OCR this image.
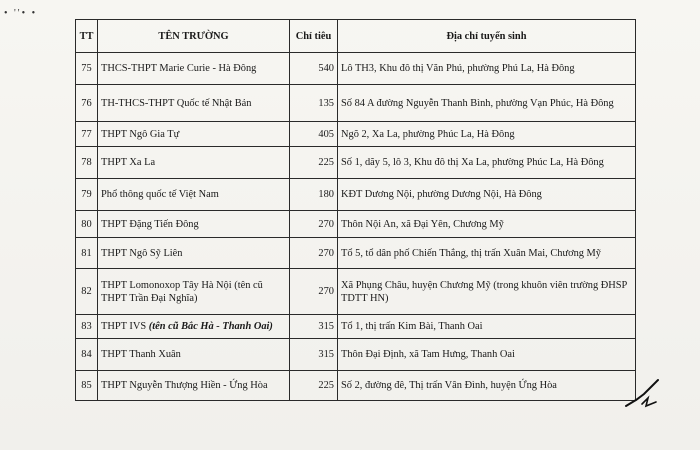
• ''• •
TT	TÊN TRƯỜNG	Chỉ tiêu	Địa chỉ tuyển sinh
75	THCS-THPT Marie Curie - Hà Đông	540	Lô TH3, Khu đô thị Văn Phú, phường Phú La, Hà Đông
76	TH-THCS-THPT Quốc tế Nhật Bản	135	Số 84 A đường Nguyễn Thanh Bình, phường Vạn Phúc, Hà Đông
77	THPT Ngô Gia Tự	405	Ngõ 2, Xa La, phường Phúc La, Hà Đông
78	THPT Xa La	225	Số 1, dãy 5, lô 3, Khu đô thị Xa La, phường Phúc La, Hà Đông
79	Phổ thông quốc tế Việt Nam	180	KĐT Dương Nội, phường Dương Nội, Hà Đông
80	THPT Đặng Tiến Đông	270	Thôn Nội An, xã Đại Yên, Chương Mỹ
81	THPT Ngô Sỹ Liên	270	Tổ 5, tổ dân phố Chiến Thắng, thị trấn Xuân Mai, Chương Mỹ
82	THPT Lomonoxop Tây Hà Nội (tên cũ THPT Trần Đại Nghĩa)	270	Xã Phụng Châu, huyện Chương Mỹ (trong khuôn viên trường ĐHSP TDTT HN)
83	THPT IVS (tên cũ Bắc Hà - Thanh Oai)	315	Tổ 1, thị trấn Kim Bài, Thanh Oai
84	THPT Thanh Xuân	315	Thôn Đại Định, xã Tam Hưng, Thanh Oai
85	THPT Nguyễn Thượng Hiền - Ứng Hòa	225	Số 2, đường đê, Thị trấn Vân Đình, huyện Ứng Hòa
